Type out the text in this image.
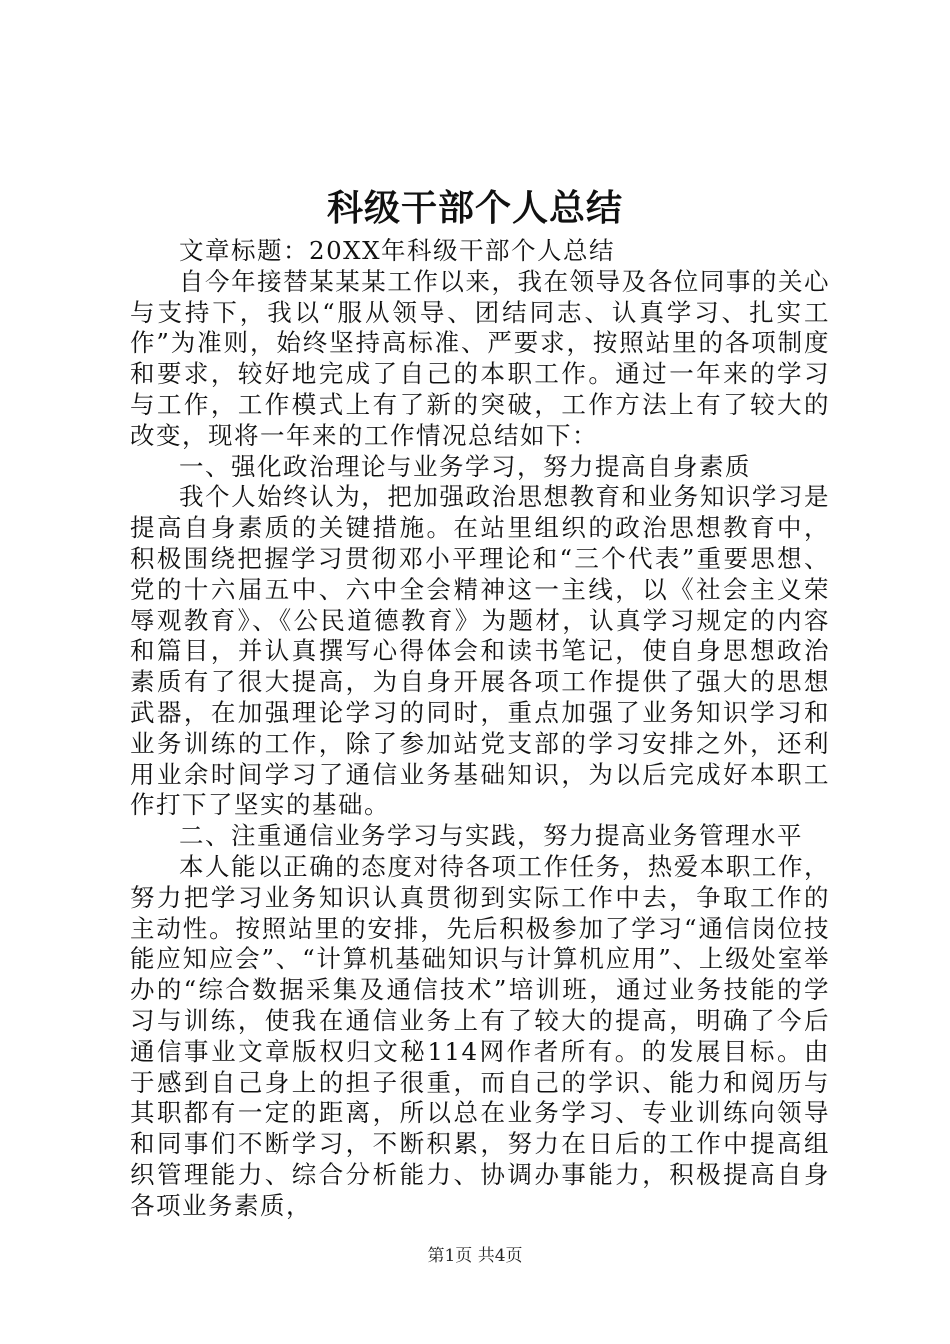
科级干部个人总结

文章标题：20XX年科级干部个人总结

自今年接替某某某工作以来，我在领导及各位同事的关心与支持下，我以“服从领导、团结同志、认真学习、扎实工作”为准则，始终坚持高标准、严要求，按照站里的各项制度和要求，较好地完成了自己的本职工作。通过一年来的学习与工作，工作模式上有了新的突破，工作方法上有了较大的改变，现将一年来的工作情况总结如下：

一、强化政治理论与业务学习，努力提高自身素质

我个人始终认为，把加强政治思想教育和业务知识学习是提高自身素质的关键措施。在站里组织的政治思想教育中，积极围绕把握学习贯彻邓小平理论和“三个代表”重要思想、党的十六届五中、六中全会精神这一主线，以《社会主义荣辱观教育》、《公民道德教育》为题材，认真学习规定的内容和篇目，并认真撰写心得体会和读书笔记，使自身思想政治素质有了很大提高，为自身开展各项工作提供了强大的思想武器，在加强理论学习的同时，重点加强了业务知识学习和业务训练的工作，除了参加站党支部的学习安排之外，还利用业余时间学习了通信业务基础知识，为以后完成好本职工作打下了坚实的基础。

二、注重通信业务学习与实践，努力提高业务管理水平

本人能以正确的态度对待各项工作任务，热爱本职工作，努力把学习业务知识认真贯彻到实际工作中去，争取工作的主动性。按照站里的安排，先后积极参加了学习“通信岗位技能应知应会”、“计算机基础知识与计算机应用”、上级处室举办的“综合数据采集及通信技术”培训班，通过业务技能的学习与训练，使我在通信业务上有了较大的提高，明确了今后通信事业文章版权归文秘114网作者所有。的发展目标。由于感到自己身上的担子很重，而自己的学识、能力和阅历与其职都有一定的距离，所以总在业务学习、专业训练向领导和同事们不断学习，不断积累，努力在日后的工作中提高组织管理能力、综合分析能力、协调办事能力，积极提高自身各项业务素质，

第1页 共4页
